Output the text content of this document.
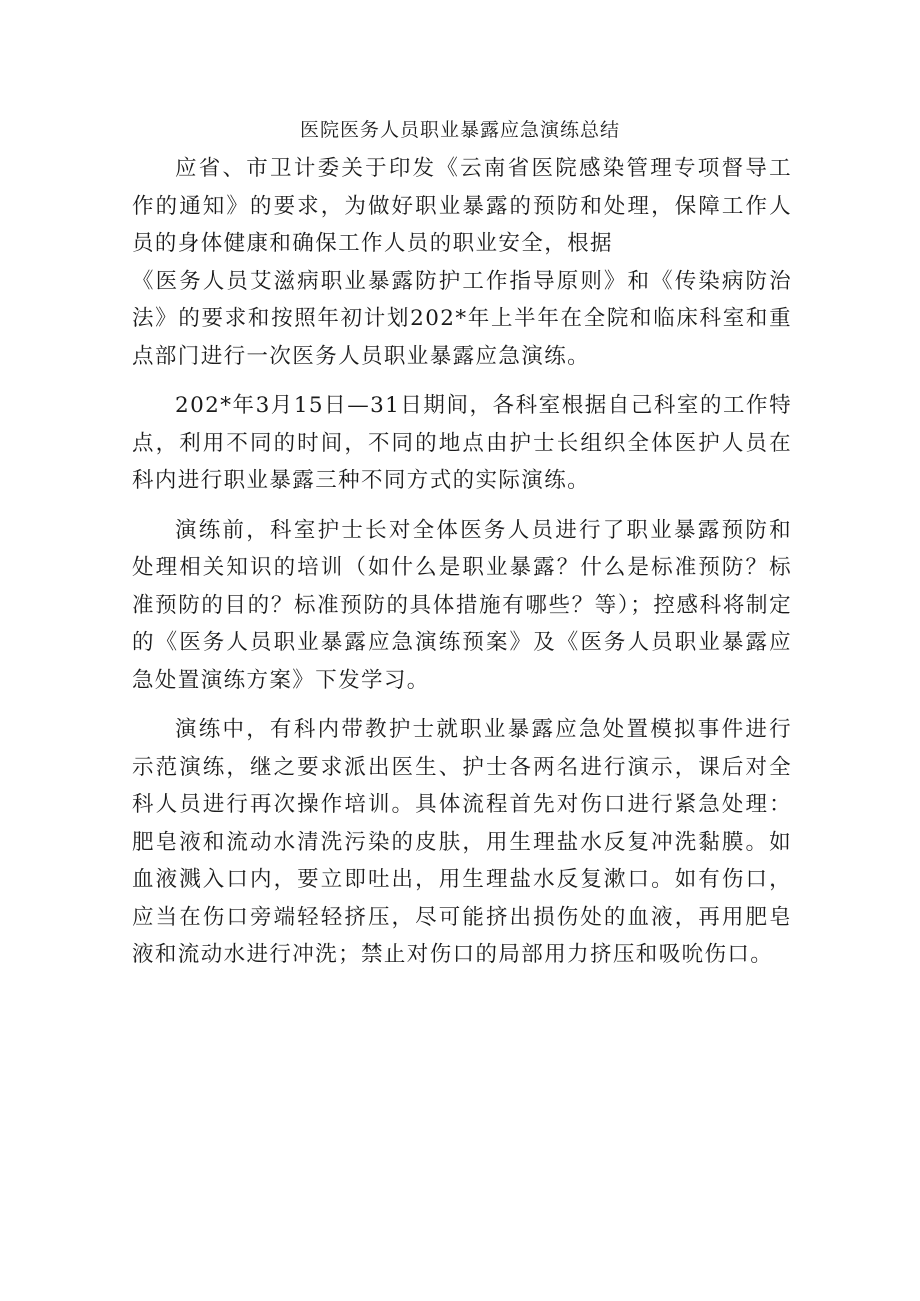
医院医务人员职业暴露应急演练总结

应省、市卫计委关于印发《云南省医院感染管理专项督导工作的通知》的要求，为做好职业暴露的预防和处理，保障工作人员的身体健康和确保工作人员的职业安全，根据

《医务人员艾滋病职业暴露防护工作指导原则》和《传染病防治法》的要求和按照年初计划202*年上半年在全院和临床科室和重点部门进行一次医务人员职业暴露应急演练。

202*年3月15日—31日期间，各科室根据自己科室的工作特点，利用不同的时间，不同的地点由护士长组织全体医护人员在科内进行职业暴露三种不同方式的实际演练。

演练前，科室护士长对全体医务人员进行了职业暴露预防和处理相关知识的培训（如什么是职业暴露？什么是标准预防？标准预防的目的？标准预防的具体措施有哪些？等）；控感科将制定的《医务人员职业暴露应急演练预案》及《医务人员职业暴露应急处置演练方案》下发学习。

演练中，有科内带教护士就职业暴露应急处置模拟事件进行示范演练，继之要求派出医生、护士各两名进行演示，课后对全科人员进行再次操作培训。具体流程首先对伤口进行紧急处理：肥皂液和流动水清洗污染的皮肤，用生理盐水反复冲洗黏膜。如血液溅入口内，要立即吐出，用生理盐水反复漱口。如有伤口，应当在伤口旁端轻轻挤压，尽可能挤出损伤处的血液，再用肥皂液和流动水进行冲洗；禁止对伤口的局部用力挤压和吸吮伤口。
